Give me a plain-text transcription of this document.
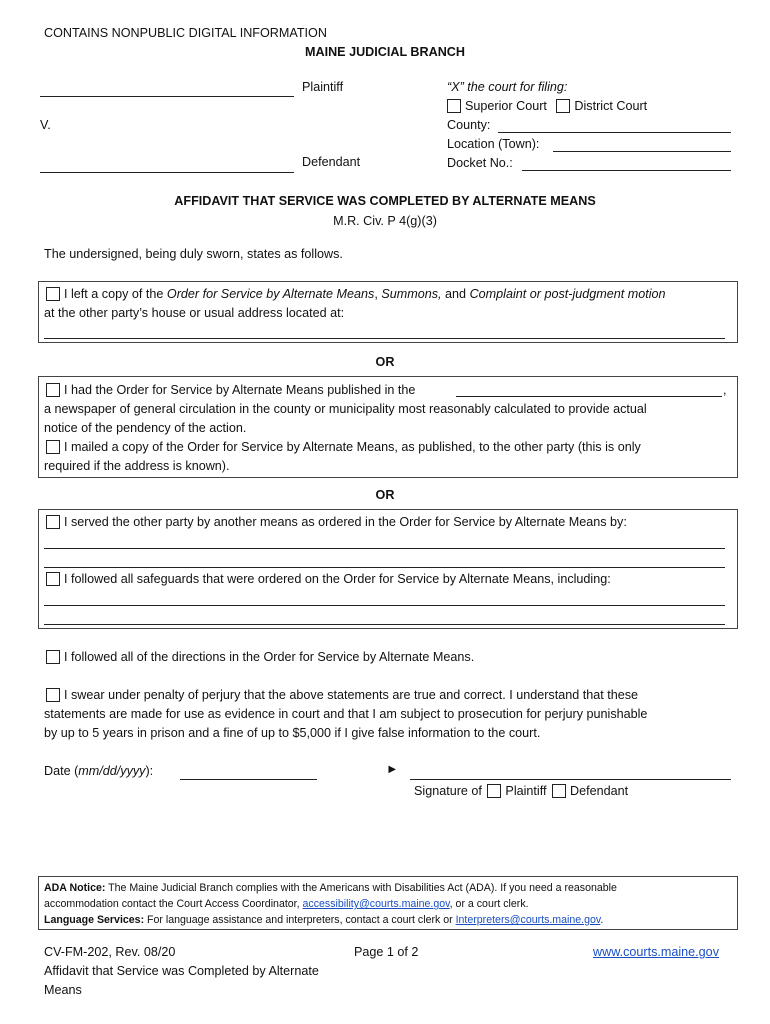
CONTAINS NONPUBLIC DIGITAL INFORMATION
MAINE JUDICIAL BRANCH
Plaintiff
V.
Defendant
“X” the court for filing:
Superior Court District Court
County:
Location (Town):
Docket No.:
AFFIDAVIT THAT SERVICE WAS COMPLETED BY ALTERNATE MEANS
M.R. Civ. P 4(g)(3)
The undersigned, being duly sworn, states as follows.
I left a copy of the Order for Service by Alternate Means, Summons, and Complaint or post-judgment motion
at the other party’s house or usual address located at:
OR
I had the Order for Service by Alternate Means published in the	,
a newspaper of general circulation in the county or municipality most reasonably calculated to provide actual
notice of the pendency of the action.
I mailed a copy of the Order for Service by Alternate Means, as published, to the other party (this is only
required if the address is known).
OR
I served the other party by another means as ordered in the Order for Service by Alternate Means by:
I followed all safeguards that were ordered on the Order for Service by Alternate Means, including:
I followed all of the directions in the Order for Service by Alternate Means.
I swear under penalty of perjury that the above statements are true and correct. I understand that these
statements are made for use as evidence in court and that I am subject to prosecution for perjury punishable
by up to 5 years in prison and a fine of up to $5,000 if I give false information to the court.
Date (mm/dd/yyyy):	►
Signature of Plaintiff Defendant
ADA Notice: The Maine Judicial Branch complies with the Americans with Disabilities Act (ADA). If you need a reasonable
accommodation contact the Court Access Coordinator, accessibility@courts.maine.gov, or a court clerk.
Language Services: For language assistance and interpreters, contact a court clerk or Interpreters@courts.maine.gov.
CV-FM-202, Rev. 08/20
Affidavit that Service was Completed by Alternate
Means
Page 1 of 2	www.courts.maine.gov
